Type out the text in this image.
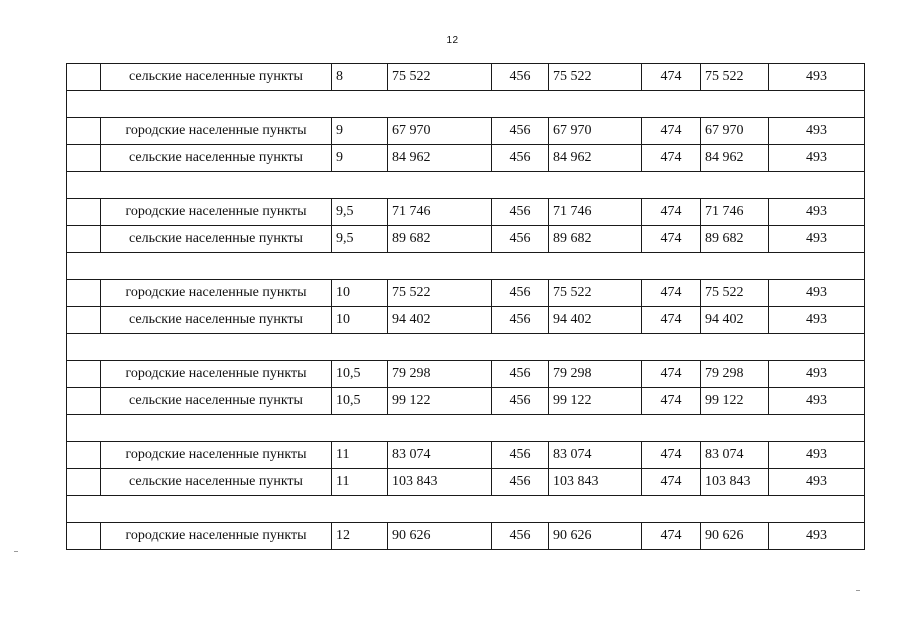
12
	сельские населенные пункты	8	75 522	456	75 522	474	75 522	493

	городские населенные пункты	9	67 970	456	67 970	474	67 970	493
	сельские населенные пункты	9	84 962	456	84 962	474	84 962	493

	городские населенные пункты	9,5	71 746	456	71 746	474	71 746	493
	сельские населенные пункты	9,5	89 682	456	89 682	474	89 682	493

	городские населенные пункты	10	75 522	456	75 522	474	75 522	493
	сельские населенные пункты	10	94 402	456	94 402	474	94 402	493

	городские населенные пункты	10,5	79 298	456	79 298	474	79 298	493
	сельские населенные пункты	10,5	99 122	456	99 122	474	99 122	493

	городские населенные пункты	11	83 074	456	83 074	474	83 074	493
	сельские населенные пункты	11	103 843	456	103 843	474	103 843	493

	городские населенные пункты	12	90 626	456	90 626	474	90 626	493
